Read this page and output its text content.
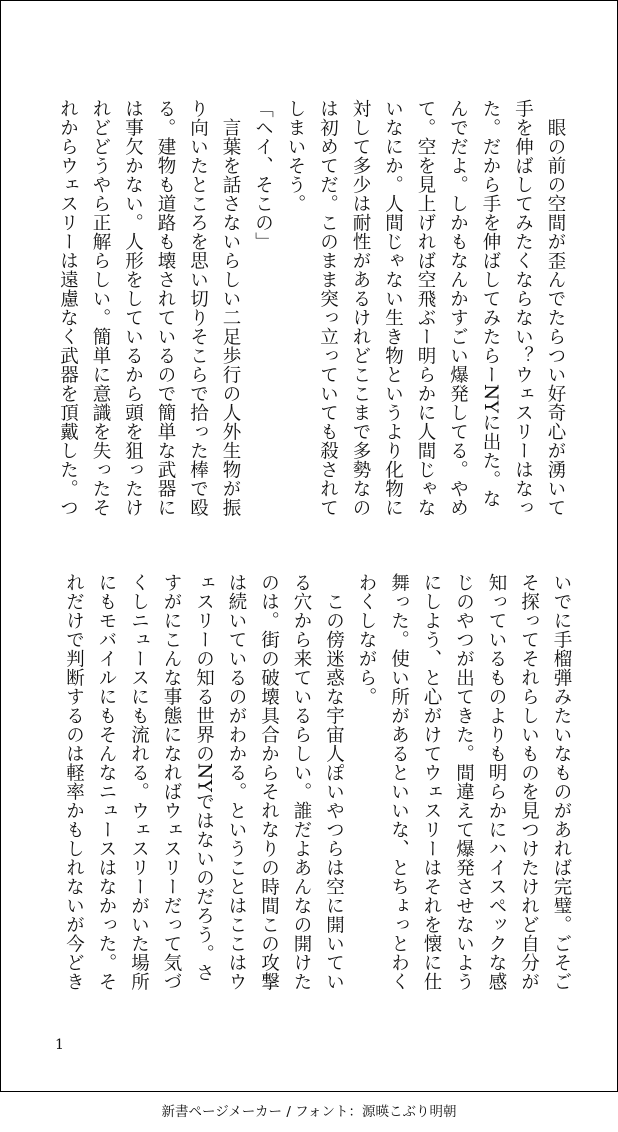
　眼の前の空間が歪んでたらつい好奇心が湧いて

手を伸ばしてみたくならない？ウェスリーはなっ

た。だから手を伸ばしてみたらーNYに出た。な

んでだよ。しかもなんかすごい爆発してる。やめ

て。空を見上げれば空飛ぶー明らかに人間じゃな

いなにか。人間じゃない生き物というより化物に

対して多少は耐性があるけれどここまで多勢なの

は初めてだ。このまま突っ立っていても殺されて

しまいそう。

「ヘイ、そこの」

　言葉を話さないらしい二足歩行の人外生物が振

り向いたところを思い切りそこらで拾った棒で殴

る。建物も道路も壊されているので簡単な武器に

は事欠かない。人形をしているから頭を狙ったけ

れどどうやら正解らしい。簡単に意識を失ったそ

れからウェスリーは遠慮なく武器を頂戴した。つ

いでに手榴弾みたいなものがあれば完璧。ごそご

そ探ってそれらしいものを見つけたけれど自分が

知っているものよりも明らかにハイスペックな感

じのやつが出てきた。間違えて爆発させないよう

にしよう、と心がけてウェスリーはそれを懐に仕

舞った。使い所があるといいな、とちょっとわく

わくしながら。

　この傍迷惑な宇宙人ぽいやつらは空に開いてい

る穴から来ているらしい。誰だよあんなの開けた

のは。街の破壊具合からそれなりの時間この攻撃

は続いているのがわかる。ということはここはウ

ェスリーの知る世界のNYではないのだろう。さ

すがにこんな事態になればウェスリーだって気づ

くしニュースにも流れる。ウェスリーがいた場所

にもモバイルにもそんなニュースはなかった。そ

れだけで判断するのは軽率かもしれないが今どき

1
新書ページメーカー / フォント：源暎こぶり明朝
